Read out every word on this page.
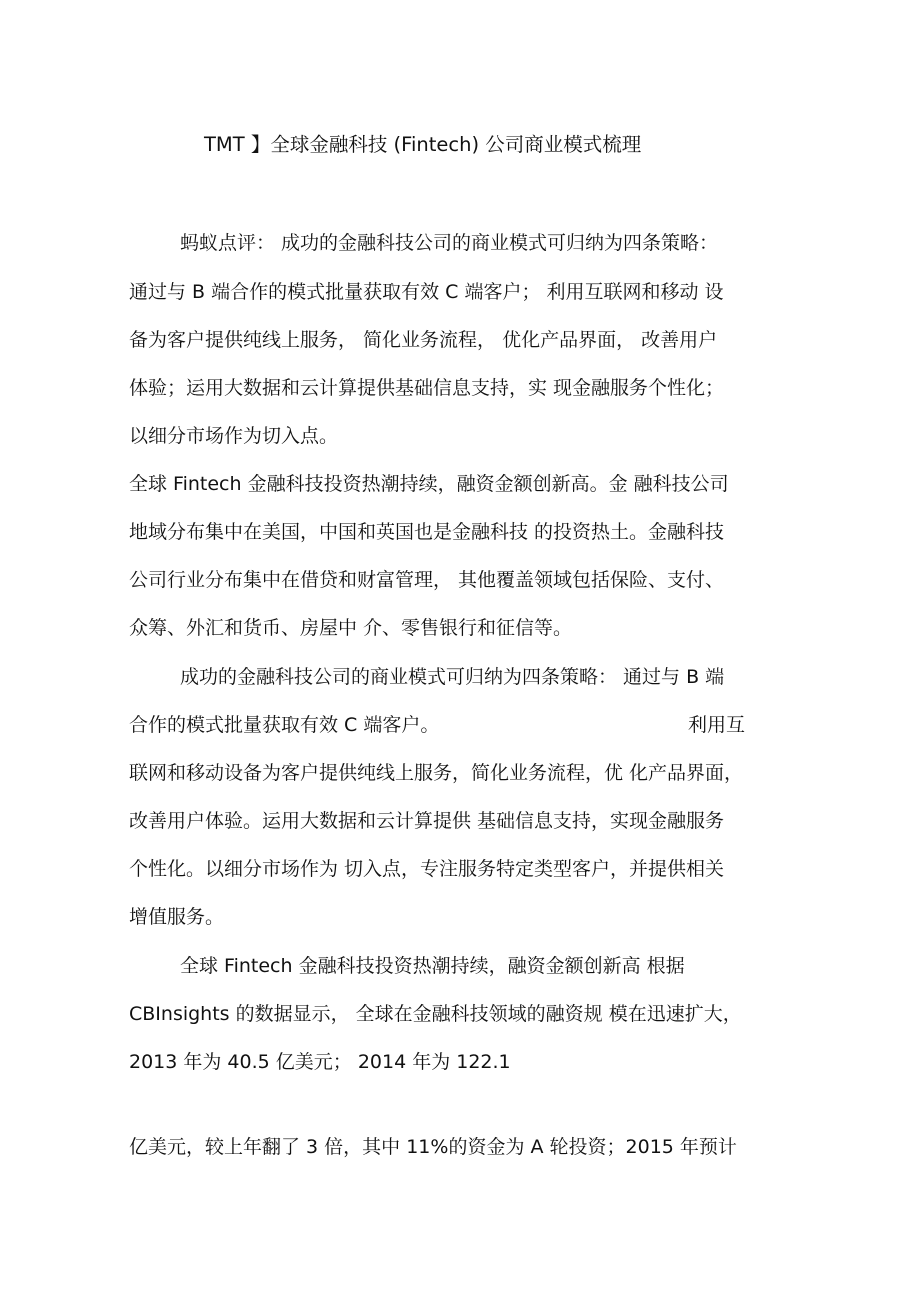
TMT 】全球金融科技 (Fintech) 公司商业模式梳理
蚂蚁点评： 成功的金融科技公司的商业模式可归纳为四条策略：
通过与 B 端合作的模式批量获取有效 C 端客户； 利用互联网和移动 设
备为客户提供纯线上服务， 简化业务流程， 优化产品界面， 改善用户
体验；运用大数据和云计算提供基础信息支持，实 现金融服务个性化；
以细分市场作为切入点。
全球 Fintech 金融科技投资热潮持续，融资金额创新高。金 融科技公司
地域分布集中在美国，中国和英国也是金融科技 的投资热土。金融科技
公司行业分布集中在借贷和财富管理， 其他覆盖领域包括保险、支付、
众筹、外汇和货币、房屋中 介、零售银行和征信等。
成功的金融科技公司的商业模式可归纳为四条策略： 通过与 B 端
合作的模式批量获取有效 C 端客户。	利用互
联网和移动设备为客户提供纯线上服务，简化业务流程，优 化产品界面，
改善用户体验。运用大数据和云计算提供 基础信息支持，实现金融服务
个性化。以细分市场作为 切入点，专注服务特定类型客户，并提供相关
增值服务。
全球 Fintech 金融科技投资热潮持续，融资金额创新高 根据
CBInsights 的数据显示， 全球在金融科技领域的融资规 模在迅速扩大，
2013 年为 40.5 亿美元； 2014 年为 122.1
亿美元，较上年翻了 3 倍，其中 11%的资金为 A 轮投资；2015 年预计
